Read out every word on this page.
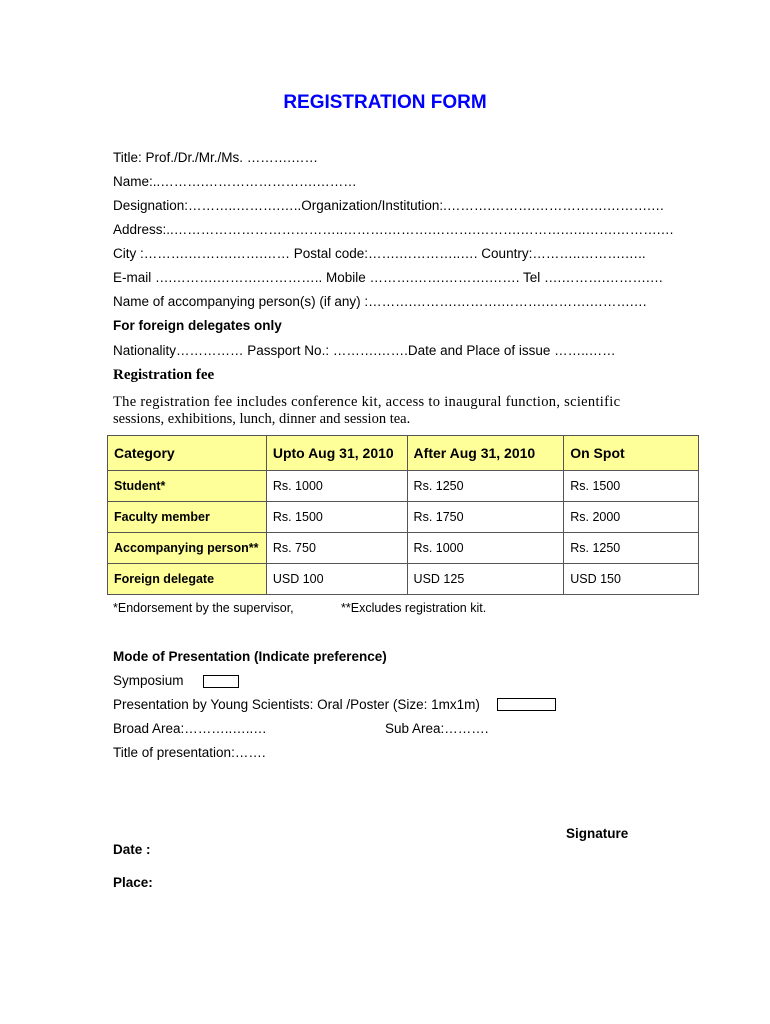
REGISTRATION FORM
Title: Prof./Dr./Mr./Ms. ……….……
Name:..……….…………………….………
Designation:………..……….…..Organization/Institution:.……….……….…………….……….…
Address:..………………………………..……….……….……….……….……….…..…….……….…
City :……….……….…….…… Postal code:…….…………..…. Country:………..……….…..
E-mail ….……….……….………….. Mobile ……….…….……….……. Tel ….……….……….…
Name of accompanying person(s) (if any) :……….……….……….……….……….……….…
For foreign delegates only
Nationality…………… Passport No.: ……….…….Date and Place of issue ……..……
Registration fee
The registration fee includes conference kit, access to inaugural function, scientific
sessions, exhibitions, lunch, dinner and session tea.
Category	Upto Aug 31, 2010	After Aug 31, 2010	On Spot
Student*	Rs. 1000	Rs. 1250	Rs. 1500
Faculty member	Rs. 1500	Rs. 1750	Rs. 2000
Accompanying person**	Rs. 750	Rs. 1000	Rs. 1250
Foreign delegate	USD 100	USD 125	USD 150
*Endorsement by the supervisor,	**Excludes registration kit.
Mode of Presentation (Indicate preference)
Symposium
Presentation by Young Scientists: Oral /Poster (Size: 1mx1m)
Broad Area:………..…..…	Sub Area:……….
Title of presentation:…….
Signature
Date :
Place:
